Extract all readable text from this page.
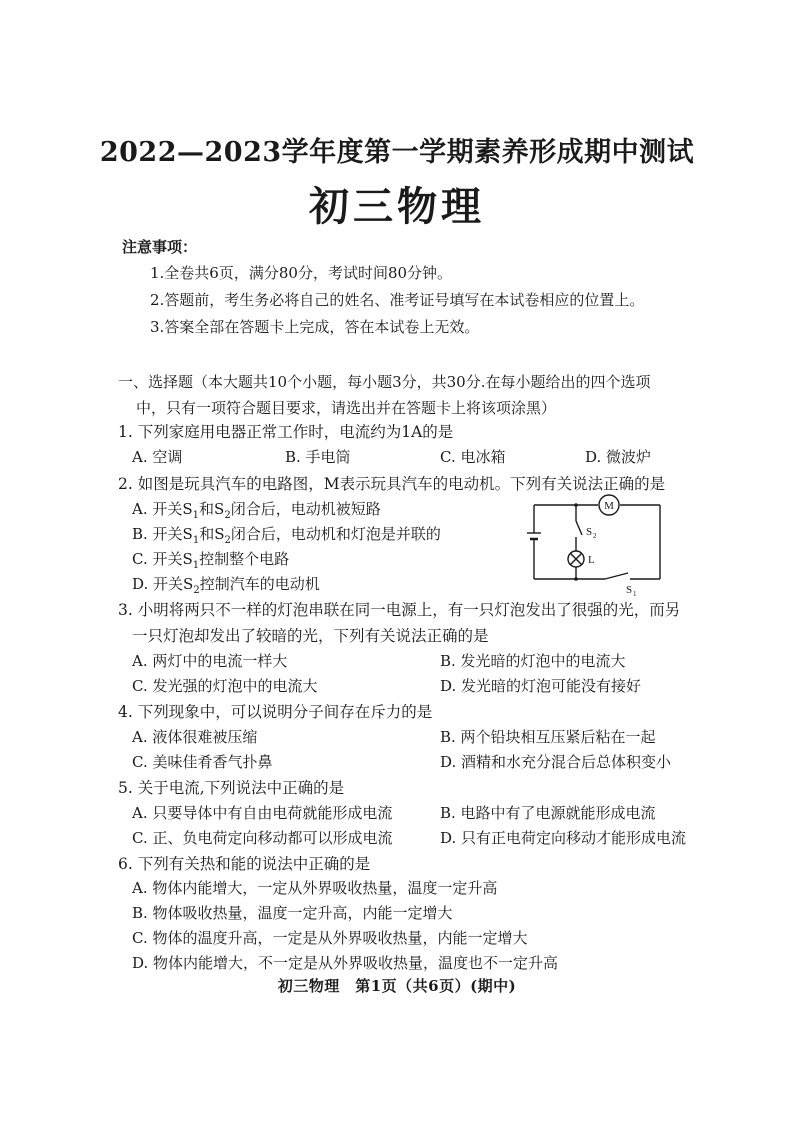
2022—2023学年度第一学期素养形成期中测试
初三物理
注意事项：
1.全卷共6页，满分80分，考试时间80分钟。
2.答题前，考生务必将自己的姓名、准考证号填写在本试卷相应的位置上。
3.答案全部在答题卡上完成，答在本试卷上无效。
一、选择题（本大题共10个小题，每小题3分，共30分.在每小题给出的四个选项
中，只有一项符合题目要求，请选出并在答题卡上将该项涂黑）
1. 下列家庭用电器正常工作时，电流约为1A的是
A. 空调	B. 手电筒	C. 电冰箱	D. 微波炉
2. 如图是玩具汽车的电路图，M表示玩具汽车的电动机。下列有关说法正确的是
A. 开关$S_1$和$S_2$闭合后，电动机被短路
B. 开关$S_1$和$S_2$闭合后，电动机和灯泡是并联的
C. 开关$S_1$控制整个电路
D. 开关$S_2$控制汽车的电动机
M
S 2
L
S 1
3. 小明将两只不一样的灯泡串联在同一电源上，有一只灯泡发出了很强的光，而另
一只灯泡却发出了较暗的光，下列有关说法正确的是
A. 两灯中的电流一样大	B. 发光暗的灯泡中的电流大
C. 发光强的灯泡中的电流大	D. 发光暗的灯泡可能没有接好
4. 下列现象中，可以说明分子间存在斥力的是
A. 液体很难被压缩	B. 两个铅块相互压紧后粘在一起
C. 美味佳肴香气扑鼻	D. 酒精和水充分混合后总体积变小
5. 关于电流,下列说法中正确的是
A. 只要导体中有自由电荷就能形成电流	B. 电路中有了电源就能形成电流
C. 正、负电荷定向移动都可以形成电流	D. 只有正电荷定向移动才能形成电流
6. 下列有关热和能的说法中正确的是
A. 物体内能增大，一定从外界吸收热量，温度一定升高
B. 物体吸收热量，温度一定升高，内能一定增大
C. 物体的温度升高，一定是从外界吸收热量，内能一定增大
D. 物体内能增大，不一定是从外界吸收热量，温度也不一定升高
初三物理　第1页（共6页）(期中)
